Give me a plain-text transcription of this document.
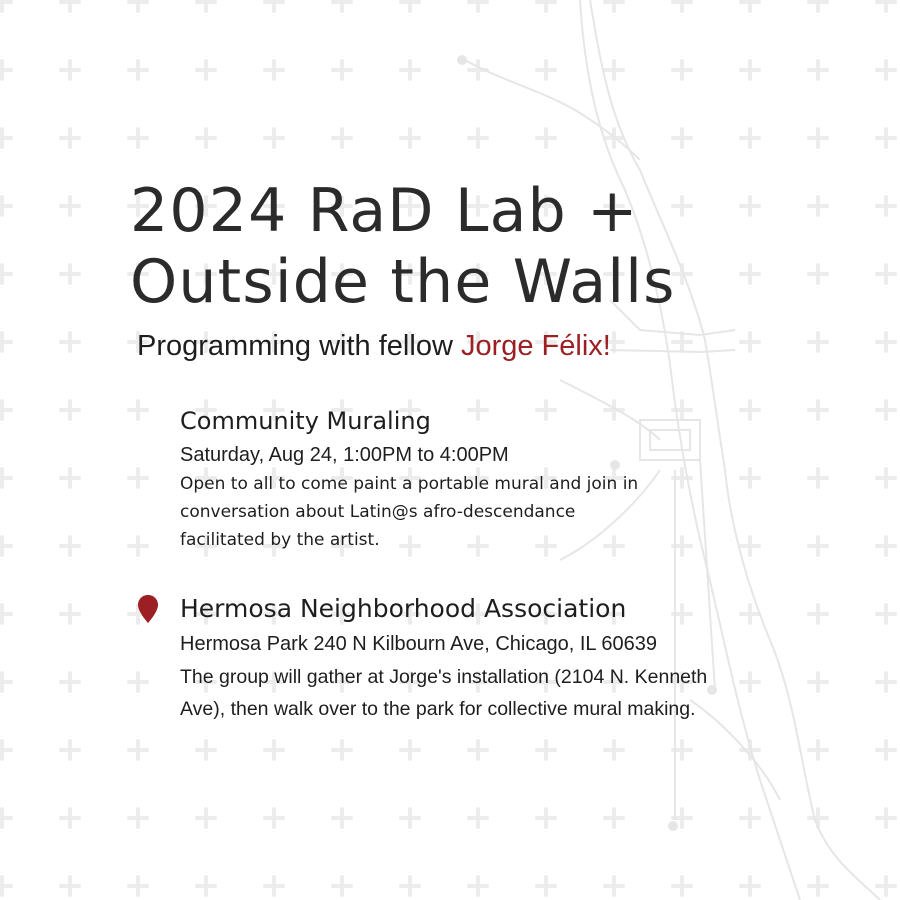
2024 RaD Lab +
Outside the Walls

Programming with fellow Jorge Félix!

Community Muraling
Saturday, Aug 24, 1:00PM to 4:00PM
Open to all to come paint a portable mural and join in
conversation about Latin@s afro-descendance
facilitated by the artist.
Hermosa Neighborhood Association
Hermosa Park 240 N Kilbourn Ave, Chicago, IL 60639
The group will gather at Jorge's installation (2104 N. Kenneth
Ave), then walk over to the park for collective mural making.
